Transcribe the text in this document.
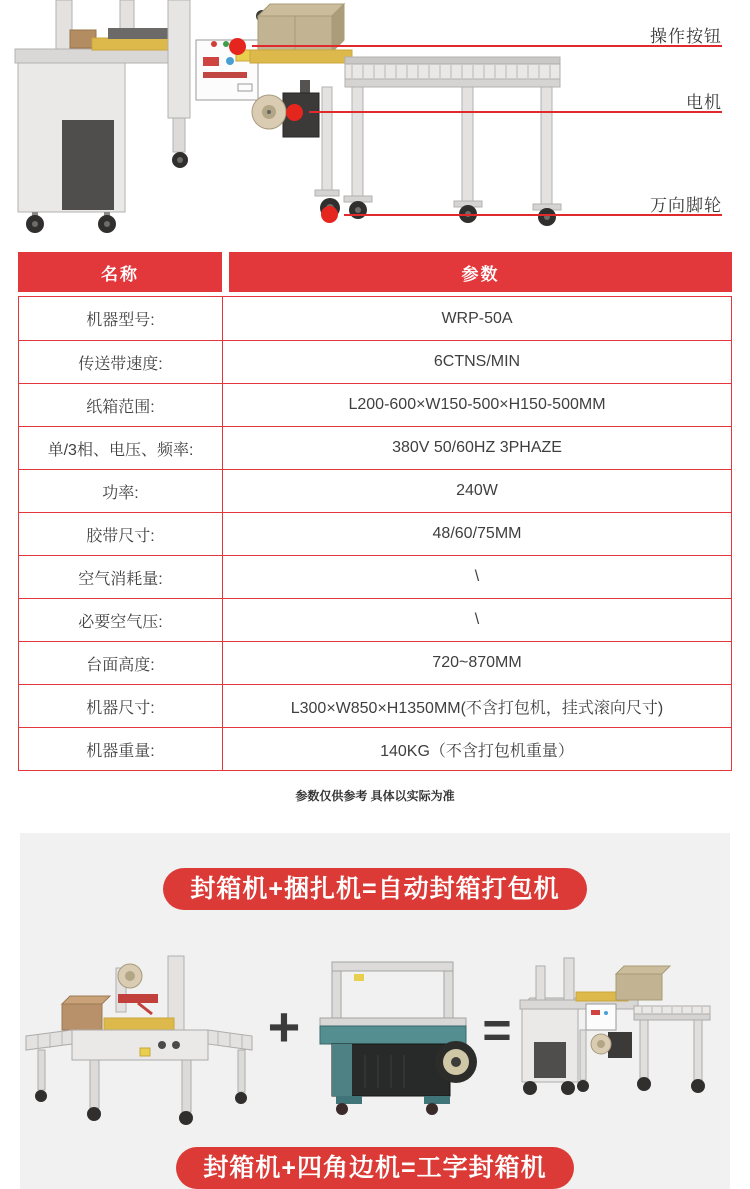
操作按钮
电机
万向脚轮
名称	参数
机器型号:	WRP-50A
传送带速度:	6CTNS/MIN
纸箱范围:	L200-600×W150-500×H150-500MM
单/3相、电压、频率:	380V 50/60HZ 3PHAZE
功率:	240W
胶带尺寸:	48/60/75MM
空气消耗量:	\
必要空气压:	\
台面高度:	720~870MM
机器尺寸:	L300×W850×H1350MM(不含打包机，挂式滚向尺寸)
机器重量:	140KG（不含打包机重量）
参数仅供参考 具体以实际为准
封箱机+捆扎机=自动封箱打包机
+	=
封箱机+四角边机=工字封箱机
